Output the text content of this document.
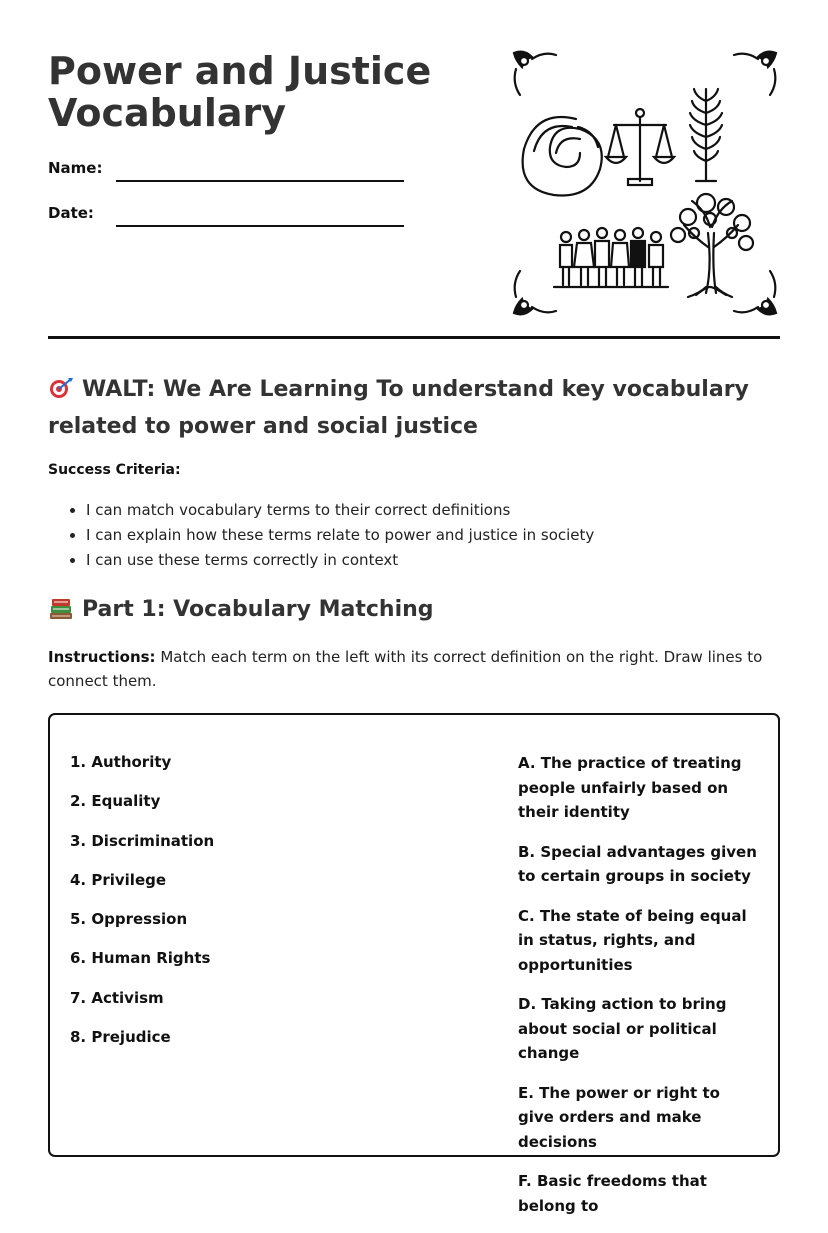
Power and Justice Vocabulary
Name:
Date:
WALT: We Are Learning To understand key vocabulary related to power and social justice
Success Criteria:
• I can match vocabulary terms to their correct definitions
• I can explain how these terms relate to power and justice in society
• I can use these terms correctly in context
Part 1: Vocabulary Matching

Instructions: Match each term on the left with its correct definition on the right. Draw lines to connect them.

1. Authority
2. Equality
3. Discrimination
4. Privilege
5. Oppression
6. Human Rights
7. Activism
8. Prejudice
A. The practice of treating people unfairly based on their identity
B. Special advantages given to certain groups in society
C. The state of being equal in status, rights, and opportunities
D. Taking action to bring about social or political change
E. The power or right to give orders and make decisions
F. Basic freedoms that belong to
